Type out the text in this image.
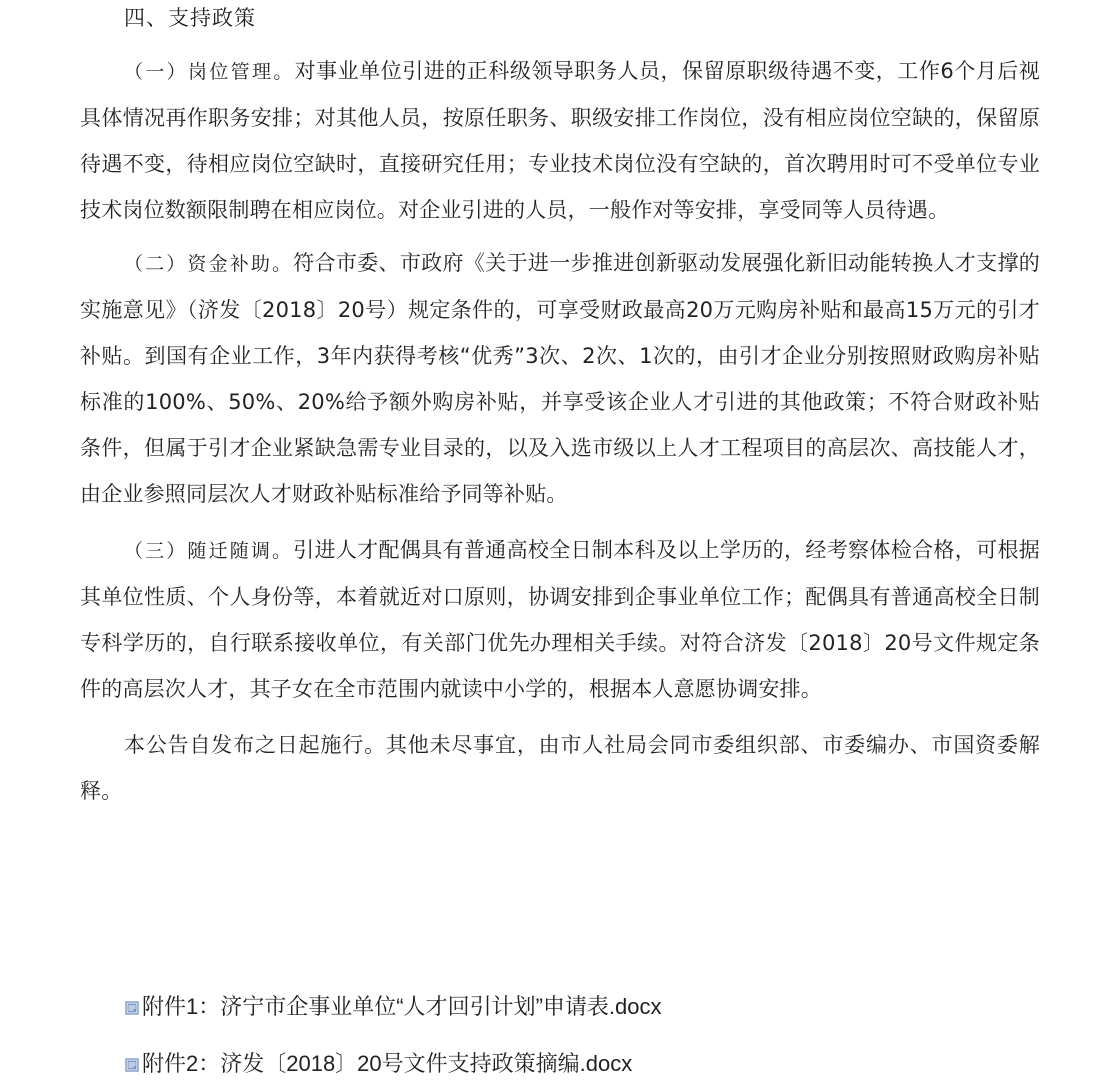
四、支持政策

（一）岗位管理。对事业单位引进的正科级领导职务人员，保留原职级待遇不变，工作6个月后视具体情况再作职务安排；对其他人员，按原任职务、职级安排工作岗位，没有相应岗位空缺的，保留原待遇不变，待相应岗位空缺时，直接研究任用；专业技术岗位没有空缺的，首次聘用时可不受单位专业技术岗位数额限制聘在相应岗位。对企业引进的人员，一般作对等安排，享受同等人员待遇。

（二）资金补助。符合市委、市政府《关于进一步推进创新驱动发展强化新旧动能转换人才支撑的实施意见》（济发〔2018〕20号）规定条件的，可享受财政最高20万元购房补贴和最高15万元的引才补贴。到国有企业工作，3年内获得考核“优秀”3次、2次、1次的，由引才企业分别按照财政购房补贴标准的100%、50%、20%给予额外购房补贴，并享受该企业人才引进的其他政策；不符合财政补贴条件，但属于引才企业紧缺急需专业目录的，以及入选市级以上人才工程项目的高层次、高技能人才，由企业参照同层次人才财政补贴标准给予同等补贴。

（三）随迁随调。引进人才配偶具有普通高校全日制本科及以上学历的，经考察体检合格，可根据其单位性质、个人身份等，本着就近对口原则，协调安排到企事业单位工作；配偶具有普通高校全日制专科学历的，自行联系接收单位，有关部门优先办理相关手续。对符合济发〔2018〕20号文件规定条件的高层次人才，其子女在全市范围内就读中小学的，根据本人意愿协调安排。

本公告自发布之日起施行。其他未尽事宜，由市人社局会同市委组织部、市委编办、市国资委解释。

附件1：济宁市企事业单位“人才回引计划”申请表.docx
附件2：济发〔2018〕20号文件支持政策摘编.docx
